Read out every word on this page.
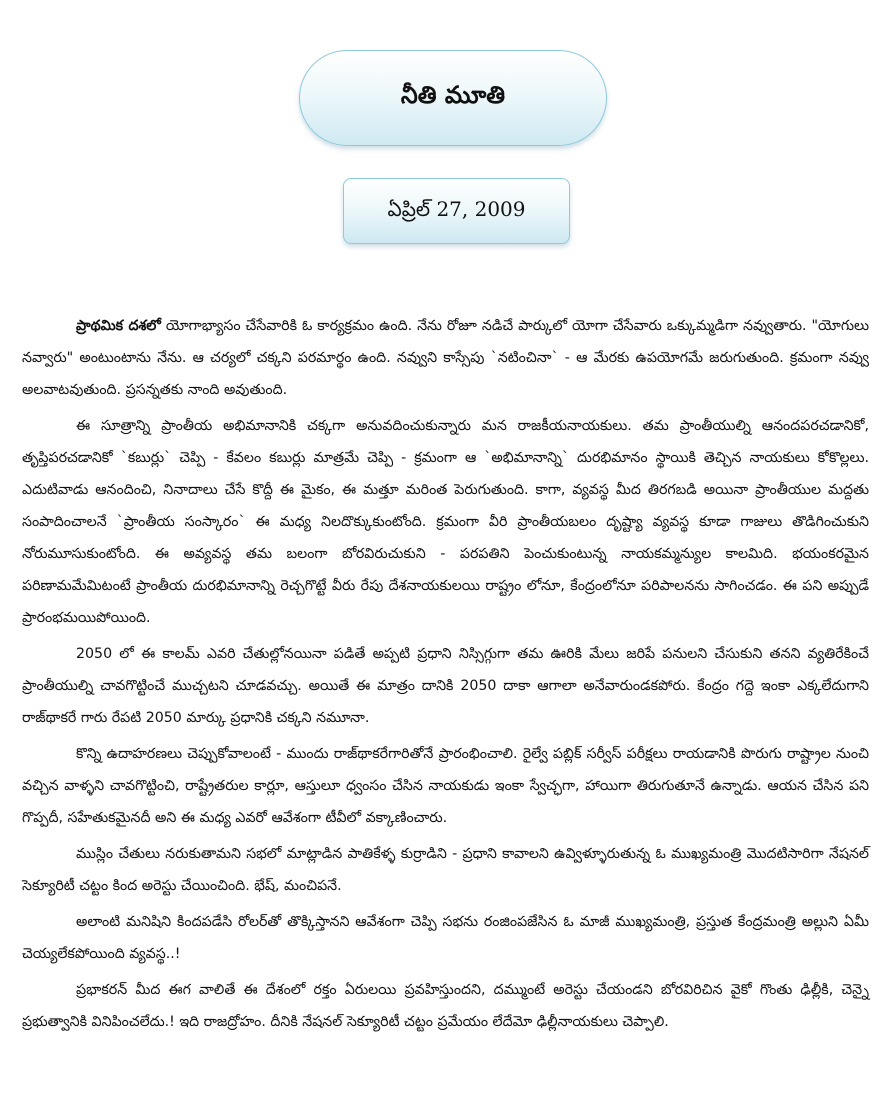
నీతి మూతి
ఏప్రిల్ 27, 2009

ప్రాథమిక దశలో యోగాభ్యాసం చేసేవారికి ఓ కార్యక్రమం ఉంది. నేను రోజూ నడిచే పార్కులో యోగా చేసేవారు ఒక్కుమ్మడిగా నవ్వుతారు. "యోగులు నవ్వారు" అంటుంటాను నేను. ఆ చర్యలో చక్కని పరమార్థం ఉంది. నవ్వుని కాస్సేపు `నటించినా` - ఆ మేరకు ఉపయోగమే జరుగుతుంది. క్రమంగా నవ్వు అలవాటవుతుంది. ప్రసన్నతకు నాంది అవుతుంది.

ఈ సూత్రాన్ని ప్రాంతీయ అభిమానానికి చక్కగా అనువదించుకున్నారు మన రాజకీయనాయకులు. తమ ప్రాంతీయుల్ని ఆనందపరచడానికో, తృప్తిపరచడానికో `కబుర్లు` చెప్పి - కేవలం కబుర్లు మాత్రమే చెప్పి - క్రమంగా ఆ `అభిమానాన్ని` దురభిమానం స్థాయికి తెచ్చిన నాయకులు కోకొల్లలు. ఎదుటివాడు ఆనందించి, నినాదాలు చేసే కొద్దీ ఈ మైకం, ఈ మత్తూ మరింత పెరుగుతుంది. కాగా, వ్యవస్థ మీద తిరగబడి అయినా ప్రాంతీయుల మద్దతు సంపాదించాలనే `ప్రాంతీయ సంస్కారం` ఈ మధ్య నిలదొక్కుకుంటోంది. క్రమంగా వీరి ప్రాంతీయబలం దృష్ట్యా వ్యవస్థ కూడా గాజులు తొడిగించుకుని నోరుమూసుకుంటోంది. ఈ అవ్యవస్థ తమ బలంగా బోరవిరుచుకుని - పరపతిని పెంచుకుంటున్న నాయకమ్మన్యుల కాలమిది. భయంకరమైన పరిణామమేమిటంటే ప్రాంతీయ దురభిమానాన్ని రెచ్చగొట్టే వీరు రేపు దేశనాయకులయి రాష్ట్రం లోనూ, కేంద్రంలోనూ పరిపాలనను సాగించడం. ఈ పని అప్పుడే ప్రారంభమయిపోయింది.

2050 లో ఈ కాలమ్ ఎవరి చేతుల్లోనయినా పడితే అప్పటి ప్రధాని నిస్సిగ్గుగా తమ ఊరికి మేలు జరిపే పనులని చేసుకుని తనని వ్యతిరేకించే ప్రాంతీయుల్ని చావగొట్టించే ముచ్చటని చూడవచ్చు. అయితే ఈ మాత్రం దానికి 2050 దాకా ఆగాలా అనేవారుండకపోరు. కేంద్రం గద్దె ఇంకా ఎక్కలేదుగాని రాజ్‌థాకరే గారు రేపటి 2050 మార్కు ప్రధానికి చక్కని నమూనా.

కొన్ని ఉదాహరణలు చెప్పుకోవాలంటే - ముందు రాజ్‌థాకరేగారితోనే ప్రారంభించాలి. రైల్వే పబ్లిక్ సర్వీస్ పరీక్షలు రాయడానికి పొరుగు రాష్ట్రాల నుంచి వచ్చిన వాళ్ళని చావగొట్టించి, రాష్ట్రేతరుల కార్లూ, ఆస్తులూ ధ్వంసం చేసిన నాయకుడు ఇంకా స్వేచ్ఛగా, హాయిగా తిరుగుతూనే ఉన్నాడు. ఆయన చేసిన పని గొప్పదీ, సహేతుకమైనదీ అని ఈ మధ్య ఎవరో ఆవేశంగా టీవీలో వక్కాణించారు.

ముస్లిం చేతులు నరుకుతామని సభలో మాట్లాడిన పాతికేళ్ళ కుర్రాడిని - ప్రధాని కావాలని ఉవ్విళ్ళూరుతున్న ఓ ముఖ్యమంత్రి మొదటిసారిగా నేషనల్ సెక్యూరిటీ చట్టం కింద అరెస్టు చేయించింది. భేష్, మంచిపనే.

అలాంటి మనిషిని కిందపడేసి రోలర్‌తో తొక్కిస్తానని ఆవేశంగా చెప్పి సభను రంజింపజేసిన ఓ మాజీ ముఖ్యమంత్రి, ప్రస్తుత కేంద్రమంత్రి అల్లుని ఏమీ చెయ్యలేకపోయింది వ్యవస్థ..!

ప్రభాకరన్ మీద ఈగ వాలితే ఈ దేశంలో రక్తం ఏరులయి ప్రవహిస్తుందని, దమ్ముంటే అరెస్టు చేయండని బోరవిరిచిన వైకో గొంతు ఢిల్లీకి, చెన్నై ప్రభుత్వానికి వినిపించలేదు.! ఇది రాజద్రోహం. దీనికి నేషనల్ సెక్యూరిటీ చట్టం ప్రమేయం లేదేమో ఢిల్లీనాయకులు చెప్పాలి.
